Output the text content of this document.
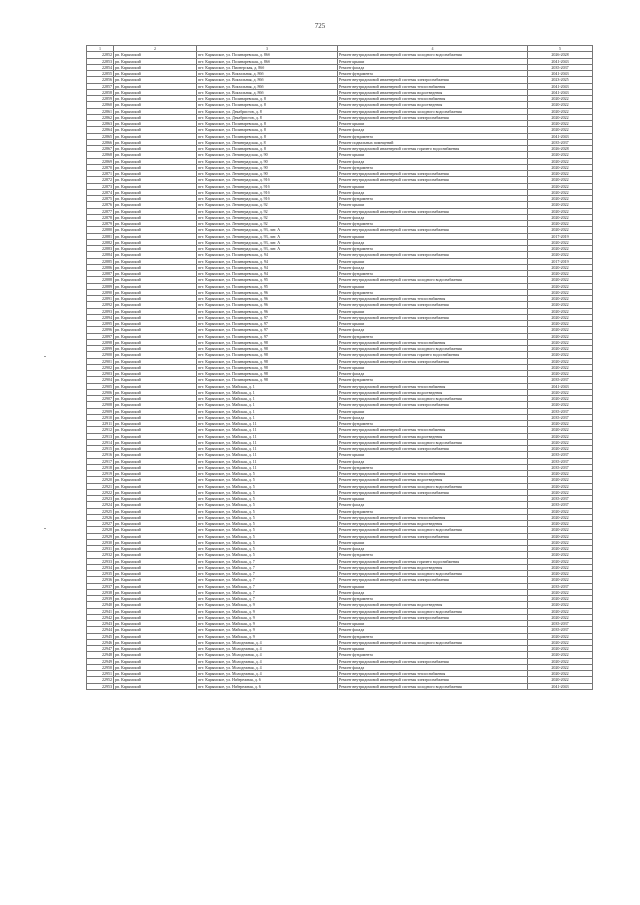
725
1	2	3	4	5
22852	рп. Карымский	пгт. Карымское, ул. Полинаревская, д. 86б	Ремонт внутридомовой инженерной системы холодного водоснабжения	2026-2028
22853	рп. Карымский	пгт. Карымское, ул. Полинаревская, д. 86б	Ремонт крыши	2041-2043
22854	рп. Карымский	пгт. Карымское, ул. Пионерская, д. 86б	Ремонт фасада	2035-2037
22855	рп. Карымский	пгт. Карымское, ул. Вокзальная, д. 86б	Ремонт фундамента	2041-2043
22856	рп. Карымский	пгт. Карымское, ул. Вокзальная, д. 86б	Ремонт внутридомовой инженерной системы электроснабжения	2023-2025
22857	рп. Карымский	пгт. Карымское, ул. Вокзальная, д. 86б	Ремонт внутридомовой инженерной системы теплоснабжения	2041-2043
22858	рп. Карымский	пгт. Карымское, ул. Вокзальная, д. 86б	Ремонт внутридомовой инженерной системы водоотведения	2041-2043
22859	рп. Карымский	пгт. Карымское, ул. Полинаревская, д. 8	Ремонт внутридомовой инженерной системы теплоснабжения	2020-2022
22860	рп. Карымский	пгт. Карымское, ул. Полинаревская, д. 8	Ремонт внутридомовой инженерной системы водоотведения	2020-2022
22861	рп. Карымский	пгт. Карымское, ул. Декабристов, д. 8	Ремонт внутридомовой инженерной системы холодного водоснабжения	2020-2022
22862	рп. Карымский	пгт. Карымское, ул. Декабристов, д. 8	Ремонт внутридомовой инженерной системы электроснабжения	2020-2022
22863	рп. Карымский	пгт. Карымское, ул. Полинаревская, д. 8	Ремонт крыши	2020-2022
22864	рп. Карымский	пгт. Карымское, ул. Полинаревская, д. 8	Ремонт фасада	2020-2022
22865	рп. Карымский	пгт. Карымское, ул. Полинаревская, д. 8	Ремонт фундамента	2041-2043
22866	рп. Карымский	пгт. Карымское, ул. Ленинградская, д. 8	Ремонт подвальных помещений	2035-2037
22867	рп. Карымский	пгт. Карымское, ул. Полинаревская, д. 8	Ремонт внутридомовой инженерной системы горячего водоснабжения	2026-2028
22868	рп. Карымский	пгт. Карымское, ул. Ленинградская, д. 90	Ремонт крыши	2020-2022
22869	рп. Карымский	пгт. Карымское, ул. Ленинградская, д. 90	Ремонт фасада	2020-2022
22870	рп. Карымский	пгт. Карымское, ул. Ленинградская, д. 90	Ремонт фундамента	2020-2022
22871	рп. Карымский	пгт. Карымское, ул. Ленинградская, д. 90	Ремонт внутридомовой инженерной системы электроснабжения	2020-2022
22872	рп. Карымский	пгт. Карымское, ул. Ленинградская, д. 91б	Ремонт внутридомовой инженерной системы электроснабжения	2020-2022
22873	рп. Карымский	пгт. Карымское, ул. Ленинградская, д. 91б	Ремонт крыши	2020-2022
22874	рп. Карымский	пгт. Карымское, ул. Ленинградская, д. 91б	Ремонт фасада	2020-2022
22875	рп. Карымский	пгт. Карымское, ул. Ленинградская, д. 91б	Ремонт фундамента	2020-2022
22876	рп. Карымский	пгт. Карымское, ул. Ленинградская, д. 92	Ремонт крыши	2020-2022
22877	рп. Карымский	пгт. Карымское, ул. Ленинградская, д. 92	Ремонт внутридомовой инженерной системы электроснабжения	2020-2022
22878	рп. Карымский	пгт. Карымское, ул. Ленинградская, д. 92	Ремонт фасада	2020-2022
22879	рп. Карымский	пгт. Карымское, ул. Ленинградская, д. 92	Ремонт фундамента	2020-2022
22880	рп. Карымский	пгт. Карымское, ул. Ленинградская, д. 93, лит. А	Ремонт внутридомовой инженерной системы электроснабжения	2020-2022
22881	рп. Карымский	пгт. Карымское, ул. Ленинградская, д. 93, лит. А	Ремонт крыши	2017-2019
22882	рп. Карымский	пгт. Карымское, ул. Ленинградская, д. 93, лит. А	Ремонт фасада	2020-2022
22883	рп. Карымский	пгт. Карымское, ул. Ленинградская, д. 93, лит. А	Ремонт фундамента	2020-2022
22884	рп. Карымский	пгт. Карымское, ул. Полинаревская, д. 94	Ремонт внутридомовой инженерной системы электроснабжения	2020-2022
22885	рп. Карымский	пгт. Карымское, ул. Полинаревская, д. 94	Ремонт крыши	2017-2019
22886	рп. Карымский	пгт. Карымское, ул. Полинаревская, д. 94	Ремонт фасада	2020-2022
22887	рп. Карымский	пгт. Карымское, ул. Полинаревская, д. 94	Ремонт фундамента	2020-2022
22888	рп. Карымский	пгт. Карымское, ул. Полинаревская, д. 95	Ремонт внутридомовой инженерной системы холодного водоснабжения	2020-2022
22889	рп. Карымский	пгт. Карымское, ул. Полинаревская, д. 95	Ремонт крыши	2020-2022
22890	рп. Карымский	пгт. Карымское, ул. Полинаревская, д. 96	Ремонт фундамента	2020-2022
22891	рп. Карымский	пгт. Карымское, ул. Полинаревская, д. 96	Ремонт внутридомовой инженерной системы теплоснабжения	2020-2022
22892	рп. Карымский	пгт. Карымское, ул. Полинаревская, д. 96	Ремонт внутридомовой инженерной системы электроснабжения	2020-2022
22893	рп. Карымский	пгт. Карымское, ул. Полинаревская, д. 96	Ремонт крыши	2020-2022
22894	рп. Карымский	пгт. Карымское, ул. Полинаревская, д. 97	Ремонт внутридомовой инженерной системы электроснабжения	2020-2022
22895	рп. Карымский	пгт. Карымское, ул. Полинаревская, д. 97	Ремонт крыши	2020-2022
22896	рп. Карымский	пгт. Карымское, ул. Полинаревская, д. 97	Ремонт фасада	2020-2022
22897	рп. Карымский	пгт. Карымское, ул. Полинаревская, д. 97	Ремонт фундамента	2020-2022
22898	рп. Карымский	пгт. Карымское, ул. Полинаревская, д. 98	Ремонт внутридомовой инженерной системы теплоснабжения	2020-2022
22899	рп. Карымский	пгт. Карымское, ул. Полинаревская, д. 98	Ремонт внутридомовой инженерной системы холодного водоснабжения	2020-2022
22900	рп. Карымский	пгт. Карымское, ул. Полинаревская, д. 98	Ремонт внутридомовой инженерной системы горячего водоснабжения	2020-2022
22901	рп. Карымский	пгт. Карымское, ул. Полинаревская, д. 98	Ремонт внутридомовой инженерной системы электроснабжения	2020-2022
22902	рп. Карымский	пгт. Карымское, ул. Полинаревская, д. 98	Ремонт крыши	2020-2022
22903	рп. Карымский	пгт. Карымское, ул. Полинаревская, д. 98	Ремонт фасада	2020-2022
22904	рп. Карымский	пгт. Карымское, ул. Полинаревская, д. 98	Ремонт фундамента	2035-2037
22905	рп. Карымский	пгт. Карымское, ул. Майская, д. 1	Ремонт внутридомовой инженерной системы теплоснабжения	2041-2043
22906	рп. Карымский	пгт. Карымское, ул. Майская, д. 1	Ремонт внутридомовой инженерной системы водоотведения	2020-2022
22907	рп. Карымский	пгт. Карымское, ул. Майская, д. 1	Ремонт внутридомовой инженерной системы холодного водоснабжения	2020-2022
22908	рп. Карымский	пгт. Карымское, ул. Майская, д. 1	Ремонт внутридомовой инженерной системы электроснабжения	2020-2022
22909	рп. Карымский	пгт. Карымское, ул. Майская, д. 1	Ремонт крыши	2035-2037
22910	рп. Карымский	пгт. Карымское, ул. Майская, д. 1	Ремонт фасада	2035-2037
22911	рп. Карымский	пгт. Карымское, ул. Майская, д. 11	Ремонт фундамента	2020-2022
22912	рп. Карымский	пгт. Карымское, ул. Майская, д. 11	Ремонт внутридомовой инженерной системы теплоснабжения	2020-2022
22913	рп. Карымский	пгт. Карымское, ул. Майская, д. 11	Ремонт внутридомовой инженерной системы водоотведения	2020-2022
22914	рп. Карымский	пгт. Карымское, ул. Майская, д. 11	Ремонт внутридомовой инженерной системы холодного водоснабжения	2020-2022
22915	рп. Карымский	пгт. Карымское, ул. Майская, д. 11	Ремонт внутридомовой инженерной системы электроснабжения	2020-2022
22916	рп. Карымский	пгт. Карымское, ул. Майская, д. 11	Ремонт крыши	2035-2037
22917	рп. Карымский	пгт. Карымское, ул. Майская, д. 11	Ремонт фасада	2035-2037
22918	рп. Карымский	пгт. Карымское, ул. Майская, д. 11	Ремонт фундамента	2035-2037
22919	рп. Карымский	пгт. Карымское, ул. Майская, д. 5	Ремонт внутридомовой инженерной системы теплоснабжения	2020-2022
22920	рп. Карымский	пгт. Карымское, ул. Майская, д. 5	Ремонт внутридомовой инженерной системы водоотведения	2020-2022
22921	рп. Карымский	пгт. Карымское, ул. Майская, д. 5	Ремонт внутридомовой инженерной системы холодного водоснабжения	2020-2022
22922	рп. Карымский	пгт. Карымское, ул. Майская, д. 5	Ремонт внутридомовой инженерной системы электроснабжения	2020-2022
22923	рп. Карымский	пгт. Карымское, ул. Майская, д. 5	Ремонт крыши	2035-2037
22924	рп. Карымский	пгт. Карымское, ул. Майская, д. 5	Ремонт фасада	2035-2037
22925	рп. Карымский	пгт. Карымское, ул. Майская, д. 5	Ремонт фундамента	2020-2022
22926	рп. Карымский	пгт. Карымское, ул. Майская, д. 5	Ремонт внутридомовой инженерной системы теплоснабжения	2020-2022
22927	рп. Карымский	пгт. Карымское, ул. Майская, д. 5	Ремонт внутридомовой инженерной системы водоотведения	2020-2022
22928	рп. Карымский	пгт. Карымское, ул. Майская, д. 5	Ремонт внутридомовой инженерной системы холодного водоснабжения	2020-2022
22929	рп. Карымский	пгт. Карымское, ул. Майская, д. 5	Ремонт внутридомовой инженерной системы электроснабжения	2020-2022
22930	рп. Карымский	пгт. Карымское, ул. Майская, д. 5	Ремонт крыши	2020-2022
22931	рп. Карымский	пгт. Карымское, ул. Майская, д. 5	Ремонт фасада	2020-2022
22932	рп. Карымский	пгт. Карымское, ул. Майская, д. 5	Ремонт фундамента	2020-2022
22933	рп. Карымский	пгт. Карымское, ул. Майская, д. 7	Ремонт внутридомовой инженерной системы горячего водоснабжения	2020-2022
22934	рп. Карымский	пгт. Карымское, ул. Майская, д. 7	Ремонт внутридомовой инженерной системы водоотведения	2020-2022
22935	рп. Карымский	пгт. Карымское, ул. Майская, д. 7	Ремонт внутридомовой инженерной системы холодного водоснабжения	2020-2022
22936	рп. Карымский	пгт. Карымское, ул. Майская, д. 7	Ремонт внутридомовой инженерной системы электроснабжения	2020-2022
22937	рп. Карымский	пгт. Карымское, ул. Майская, д. 7	Ремонт крыши	2035-2037
22938	рп. Карымский	пгт. Карымское, ул. Майская, д. 7	Ремонт фасада	2020-2022
22939	рп. Карымский	пгт. Карымское, ул. Майская, д. 7	Ремонт фундамента	2020-2022
22940	рп. Карымский	пгт. Карымское, ул. Майская, д. 9	Ремонт внутридомовой инженерной системы водоотведения	2020-2022
22941	рп. Карымский	пгт. Карымское, ул. Майская, д. 9	Ремонт внутридомовой инженерной системы холодного водоснабжения	2020-2022
22942	рп. Карымский	пгт. Карымское, ул. Майская, д. 9	Ремонт внутридомовой инженерной системы электроснабжения	2020-2022
22943	рп. Карымский	пгт. Карымское, ул. Майская, д. 9	Ремонт крыши	2035-2037
22944	рп. Карымский	пгт. Карымское, ул. Майская, д. 9	Ремонт фасада	2035-2037
22945	рп. Карымский	пгт. Карымское, ул. Майская, д. 9	Ремонт фундамента	2020-2022
22946	рп. Карымский	пгт. Карымское, ул. Молодежная, д. 4	Ремонт внутридомовой инженерной системы холодного водоснабжения	2020-2022
22947	рп. Карымский	пгт. Карымское, ул. Молодежная, д. 4	Ремонт крыши	2020-2022
22948	рп. Карымский	пгт. Карымское, ул. Молодежная, д. 4	Ремонт фундамента	2020-2022
22949	рп. Карымский	пгт. Карымское, ул. Молодежная, д. 4	Ремонт внутридомовой инженерной системы электроснабжения	2020-2022
22950	рп. Карымский	пгт. Карымское, ул. Молодежная, д. 4	Ремонт фасада	2020-2022
22951	рп. Карымский	пгт. Карымское, ул. Молодежная, д. 4	Ремонт внутридомовой инженерной системы теплоснабжения	2020-2022
22952	рп. Карымский	пгт. Карымское, ул. Набережная, д. 6	Ремонт внутридомовой инженерной системы электроснабжения	2020-2022
22953	рп. Карымский	пгт. Карымское, ул. Набережная, д. 6	Ремонт внутридомовой инженерной системы холодного водоснабжения	2041-2043
